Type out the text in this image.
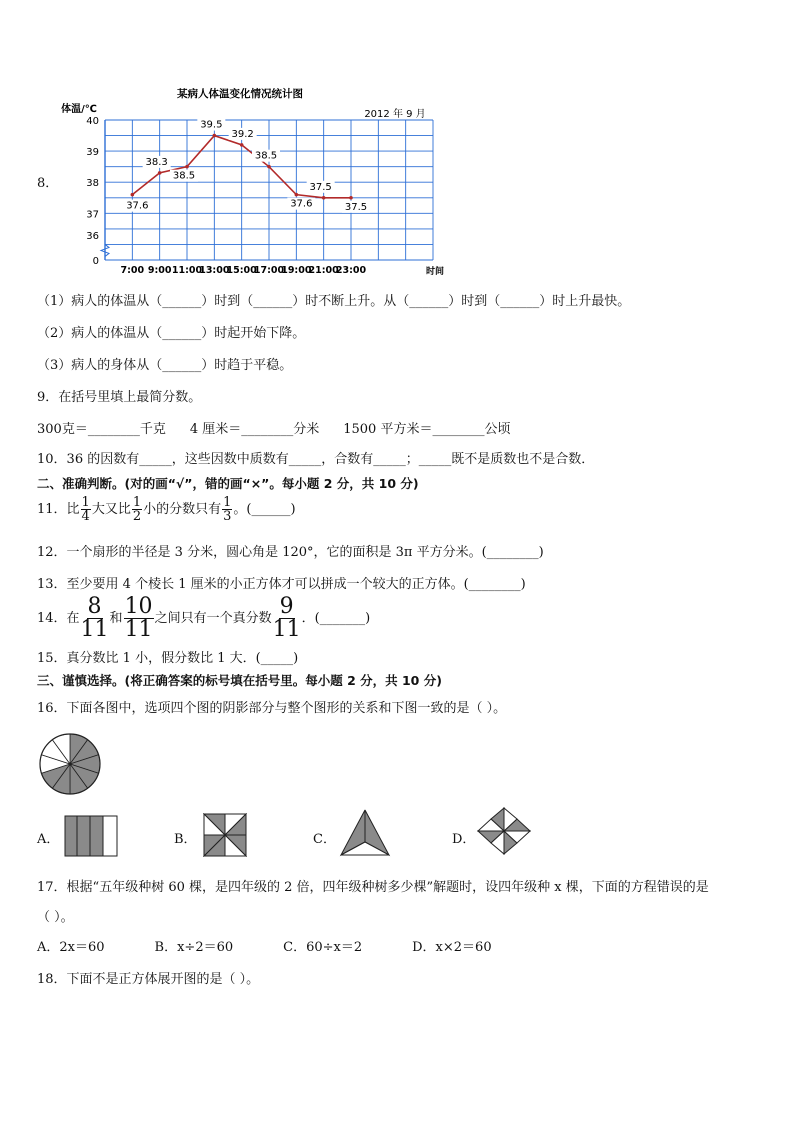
8．
某病人体温变化情况统计图
2012 年 9 月
体温/℃
时间
40
39
38
37
36
0
7:00 9:00 11:00
13:00
15:00
17:00
19:00
21:00
23:00
37.6
38.3
38.5
39.5
39.2
38.5
37.6
37.5
37.5
（1）病人的体温从（______）时到（______）时不断上升。从（______）时到（______）时上升最快。
（2）病人的体温从（______）时起开始下降。
（3）病人的身体从（______）时趋于平稳。
9．在括号里填上最简分数。
300克＝________千克 4 厘米＝________分米 1500 平方米＝________公顷
10．36 的因数有_____，这些因数中质数有_____，合数有_____；_____既不是质数也不是合数．
二、准确判断。(对的画“√”，错的画“×”。每小题 2 分，共 10 分)
11．比 $\frac{1}{4}$ 大又比 $\frac{1}{2}$ 小的分数只有 $\frac{1}{3}$ 。(______)
12．一个扇形的半径是 3 分米，圆心角是 120°，它的面积是 3π 平方分米。(________)
13．至少要用 4 个棱长 1 厘米的小正方体才可以拼成一个较大的正方体。(________)
14．在 $\frac{8}{11}$ 和 $\frac{10}{11}$ 之间只有一个真分数 $\frac{9}{11}$ ．(_______)
15．真分数比 1 小，假分数比 1 大．(_____)
三、谨慎选择。(将正确答案的标号填在括号里。每小题 2 分，共 10 分)
16．下面各图中，选项四个图的阴影部分与整个图形的关系和下图一致的是（ ）。
A．	B．	C．	D．
17．根据“五年级种树 60 棵，是四年级的 2 倍，四年级种树多少棵”解题时，设四年级种 x 棵，下面的方程错误的是
（ ）。
A．2x＝60	B．x÷2＝60	C．60÷x＝2	D．x×2＝60
18．下面不是正方体展开图的是（ ）。
